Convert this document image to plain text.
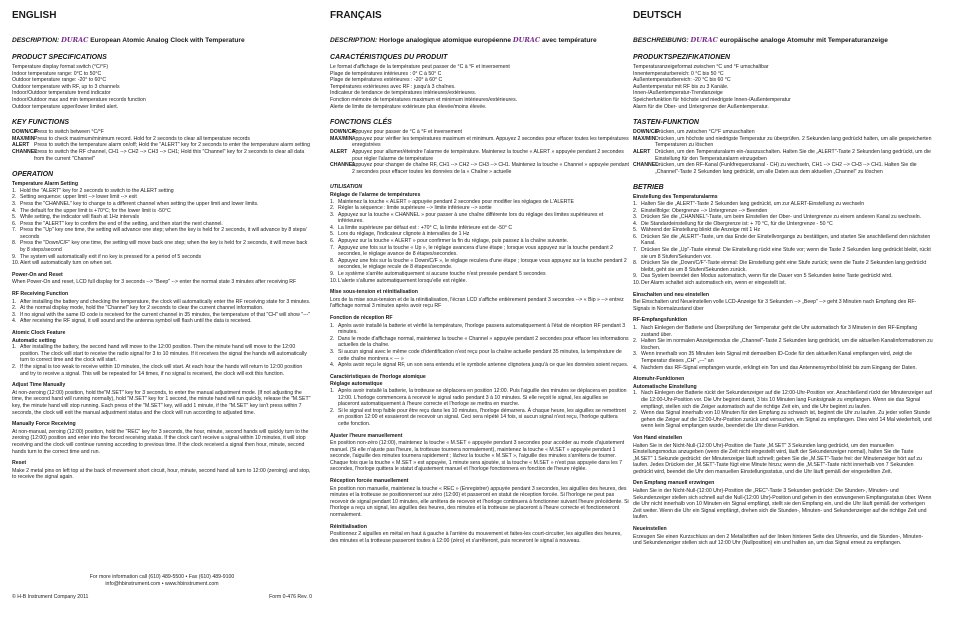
ENGLISH
DESCRIPTION: DURAC European Atomic Analog Clock with Temperature
PRODUCT SPECIFICATIONS
Temperature display format switch (°C/°F)
Indoor temperature range: 0°C to 50°C
Outdoor temperature range: -20° to 60°C
Outdoor temperature with RF, up to 3 channels
Indoor/Outdoor temperature trend indicator
Indoor/Outdoor max and min temperature records function
Outdoor temperature upper/lower limited alert.
KEY FUNCTIONS
DOWN/C/F
Press to switch between °C/°F
MAX/MIN Press to check maximum/minimum record. Hold for 2 seconds to clear all temperature records
ALERT Press to switch the temperature alarm on/off; Hold the "ALERT" key for 2 seconds to enter the temperature alarm setting
CHANNEL
Press to switch the RF channel, CH1 --> CH2 --> CH3 --> CH1; Hold this "Channel" key for 2 seconds to clear all data from the current "Channel"
OPERATION
Temperature Alarm Setting
1. Hold the "ALERT" key for 2 seconds to switch to the ALERT setting
2. Setting sequence: upper limit --> lower limit --> exit
3. Press the "CHANNEL" key to change to a different channel when setting the upper limit and lower limits.
4. The default for the upper limit is +70°C; for the lower limit is -50°C
5. While setting, the indicator will flash at 1Hz intervals
6. Press the "ALERT" key to confirm the end of the setting, and then start the next channel.
7. Press the "Up" key one time, the setting will advance one step; when the key is held for 2 seconds, it will advance by 8 steps/ seconds
8. Press the "Down/C/F" key one time, the setting will move back one step; when the key is held for 2 seconds, it will move back by 8 steps/second
9. The system will automatically exit if no key is pressed for a period of 5 seconds
10. Alert will automatically turn on when set.
Power-On and Reset

When Power-On and reset, LCD full display for 3 seconds --> "Beep" --> enter the normal state 3 minutes after receiving RF

RF Receiving Function
1. After installing the battery and checking the temperature, the clock will automatically enter the RF receiving state for 3 minutes.
2. At the normal display mode, hold the "Channel" key for 2 seconds to clear the current channel information.
3. If no signal with the same ID code is received for the current channel in 35 minutes, the temperature of that "CH" will show "---"
4. After receiving the RF signal, it will sound and the antenna symbol will flash until the data is received.
Atomic Clock Feature
Automatic setting
1. After installing the battery, the second hand will move to the 12:00 position. Then the minute hand will move to the 12:00 position. The clock will start to receive the radio signal for 3 to 10 minutes. If it receives the signal the hands will automatically turn to correct time and the clock will start.
2. If the signal is too weak to receive within 10 minutes, the clock will start. At each hour the hands will return to 12:00 position and try to receive a signal. This will be repeated for 14 times, if no signal is received, the clock will exit this function.
Adjust Time Manually

At non-zeroing (12:00) position, hold the"M.SET" key for 3 seconds, to enter the manual adjustment mode. (If not adjusting the time, the second hand will running normally), hold "M.SET" key for 1 second, the minute hand will run quickly, release the "M.SET" key, the minute hand will stop running. Each press of the "M.SET" key, will add 1 minute, if the "M.SET" key isn't press within 7 seconds, the clock will exit the manual adjustment status and the clock will run according to adjusted time.

Manually Force Receiving

At non-manual, zeroing (12:00) position, hold the "REC" key for 3 seconds, the hour, minute, second hands will quickly turn to the zeroing (12:00) position and enter into the forced receiving status. If the clock can't receive a signal within 10 minutes, it will stop receiving and the clock will continue running according to previous time. If the clock received a signal then hour, minute, second hands turn to the correct time and run.

Reset

Make 2 metal pins on left top at the back of movement short circuit, hour, minute, second hand all turn to 12:00 (zeroing) and stop, to receive the signal again.

FRANÇAIS
DESCRIPTION: Horloge analogique atomique européenne DURAC avec température
CARACTÉRISTIQUES DU PRODUIT
Le format d'affichage de la température peut passer de °C à °F et inversement
Plage de températures intérieures : 0° C à 50° C
Plage de températures extérieures : -20° à 60° C
Températures extérieures avec RF : jusqu'à 3 chaînes.
Indicateur de tendance de températures intérieures/extérieures.
Fonction mémoire de températures maximum et minimum intérieures/extérieures.
Alerte de limite de température extérieure plus élevée/moins élevée.
FONCTIONS CLÉS
DOWN/C/F
Appuyez pour passer de °C à °F et inversement
MAX/MIN Appuyez pour vérifier les températures maximum et minimum. Appuyez 2 secondes pour effacer toutes les températures enregistrées
ALERT Appuyez pour allumer/éteindre l'alarme de température. Maintenez la touche « ALERT » appuyée pendant 2 secondes pour régler l'alarme de température
CHANNEL
Appuyez pour changer de chaîne RF, CH1 --> CH2 --> CH3 --> CH1. Maintenez la touche « Channel » appuyée pendant 2 secondes pour effacer toutes les données de la « Chaîne » actuelle
UTILISATION
Réglage de l'alarme de températures
1. Maintenez la touche « ALERT » appuyée pendant 2 secondes pour modifier les réglages de L'ALERTE
2. Régler la séquence : limite supérieure --> limite inférieure --> sortie
3. Appuyez sur la touche « CHANNEL » pour passer à une chaîne différente lors du réglage des limites supérieures et inférieures.
4. La limite supérieure par défaut est : +70° C, la limite inférieure est de -50° C
5. Lors du réglage, l'indicateur clignote à intervalles de 1 Hz
6. Appuyez sur la touche « ALERT » pour confirmer la fin du réglage, puis passez à la chaîne suivante.
7. Appuyez une fois sur la touche « Up », le réglage avancera d'une étape ; lorsque vous appuyez sur la touche pendant 2 secondes, le réglage avance de 8 étapes/secondes.
8. Appuyez une fois sur la touche « Down/C/F », le réglage reculera d'une étape ; lorsque vous appuyez sur la touche pendant 2 secondes, le réglage recule de 8 étapes/seconde.
9. Le système s'arrête automatiquement si aucune touche n'est pressée pendant 5 secondes
10. L'alerte s'allume automatiquement lorsqu'elle est réglée.
Mise sous-tension et réinitialisation

Lors de la mise sous-tension et de la réinitialisation, l'écran LCD s'affiche entièrement pendant 3 secondes --> « Bip » --> entrez l'affichage normal 3 minutes après avoir reçu RF

Fonction de réception RF
1. Après avoir installé la batterie et vérifié la température, l'horloge passera automatiquement à l'état de réception RF pendant 3 minutes.
2. Dans le mode d'affichage normal, maintenez la touche « Channel » appuyée pendant 2 secondes pour effacer les informations actuelles de la chaîne.
3. Si aucun signal avec le même code d'identification n'est reçu pour la chaîne actuelle pendant 35 minutes, la température de cette chaîne montrera « --- »
4. Après avoir reçu le signal RF, un son sera entendu et le symbole antenne clignotera jusqu'à ce que les données soient reçues.
Caractéristiques de l'horloge atomique
Réglage automatique
1. Après avoir installé la batterie, la trotteuse se déplacera en position 12:00. Puis l'aiguille des minutes se déplacera en position 12:00. L'horloge commencera à recevoir le signal radio pendant 3 à 10 minutes. Si elle reçoit le signal, les aiguilles se placeront automatiquement à l'heure correcte et l'horloge se mettra en marche.
2. Si le signal est trop faible pour être reçu dans les 10 minutes, l'horloge démarrera. À chaque heure, les aiguilles se remettront en position 12:00 et essaieront de recevoir un signal. Ceci sera répété 14 fois, si aucun signal n'est reçu, l'horloge quittera cette fonction.
Ajuster l'heure manuellement

En position non-zéro (12:00), maintenez la touche « M.SET » appuyée pendant 3 secondes pour accéder au mode d'ajustement manuel. (Si elle n'ajuste pas l'heure, la trotteuse tournera normalement), maintenez la touche « M.SET » appuyée pendant 1 seconde, l'aiguille des minutes tournera rapidement ; lâchez la touche « M.SET », l'aiguille des minutes s'arrêtera de tourner. Chaque fois que la touche « M.SET » est appuyée, 1 minute sera ajoutée, si la touche « M.SET » n'est pas appuyée dans les 7 secondes, l'horloge quittera le statut d'ajustement manuel et l'horloge fonctionnera en fonction de l'heure réglée.

Réception forcée manuellement

En position non manuelle, maintenez la touche « REC » (Enregistrer) appuyée pendant 3 secondes, les aiguilles des heures, des minutes et la trotteuse se positionneront sur zéro (12:00) et passeront en statut de réception forcée. Si l'horloge ne peut pas recevoir de signal pendant 10 minutes, elle arrêtera de recevoir et l'horloge continuera à fonctionner suivant l'heure précédente. Si l'horloge a reçu un signal, les aiguilles des heures, des minutes et la trotteuse se placeront à l'heure correcte et fonctionneront normalement.

Réinitialisation

Positionnez 2 aiguilles en métal en haut à gauche à l'arrière du mouvement et faites-les court-circuiter, les aiguilles des heures, des minutes et la trotteuse passeront toutes à 12:00 (zéro) et s'arrêteront, puis recevront le signal à nouveau.

DEUTSCH
BESCHREIBUNG: DURAC europäische analoge Atomuhr mit Temperaturanzeige
PRODUKTSPEZIFIKATIONEN
Temperaturanzeigeformat zwischen °C und °F umschaltbar
Innentemperaturbereich: 0 °C bis 50 °C
Außentemperaturbereich: -20 °C bis 60 °C
Außentemperatur mit RF bis zu 3 Kanäle.
Innen-/Außentemperatur-Trendanzeige
Speicherfunktion für höchste und niedrigste Innen-/Außentemperatur
Alarm für die Ober- und Untergrenze der Außentemperatur.
TASTEN-FUNKTION
DOWN/C/F
Drücken, um zwischen °C/°F umzuschalten
MAX/MIN Drücken, um höchste und niedrigste Temperatur zu überprüfen. 2 Sekunden lang gedrückt halten, um alle gespeicherten Temperaturen zu löschen
ALERT Drücken, um den Temperaturalarm ein-/auszuschalten. Halten Sie die „ALERT"-Taste 2 Sekunden lang gedrückt, um die Einstellung für den Temperaturalarm einzugeben
CHANNEL
Drücken, um den RF-Kanal (Funkfrequenzkanal - CH) zu wechseln, CH1 --> CH2 --> CH3 --> CH1. Halten Sie die „Channel"-Taste 2 Sekunden lang gedrückt, um alle Daten aus dem aktuellen „Channel" zu löschen
BETRIEB
Einstellung des Temperaturalarms
1. Halten Sie die „ALERT"-Taste 2 Sekunden lang gedrückt, um zur ALERT-Einstellung zu wechseln
2. Einstellfolge: Obergrenze --> Untergrenze --> Beenden
3. Drücken Sie die „CHANNEL"-Taste, um beim Einstellen der Ober- und Untergrenze zu einem anderen Kanal zu wechseln.
4. Die Standardeinstellung für die Obergrenze ist: + 70 °C, für die Untergrenze - 50 °C
5. Während der Einstellung blinkt die Anzeige mit 1 Hz
6. Drücken Sie die „ALERT"-Taste, um das Ende der Einstellvorgangs zu bestätigen, und starten Sie anschließend den nächsten Kanal.
7. Drücken Sie die „Up"-Taste einmal: Die Einstellung rückt eine Stufe vor; wenn die Taste 2 Sekunden lang gedrückt bleibt, rückt sie um 8 Stufen/Sekunden vor.
8. Drücken Sie die „Down/C/F"-Taste einmal: Die Einstellung geht eine Stufe zurück; wenn die Taste 2 Sekunden lang gedrückt bleibt, geht sie um 8 Stufen/Sekunden zurück.
9. Das System beendet den Modus automatisch, wenn für die Dauer von 5 Sekunden keine Taste gedrückt wird.
10. Der Alarm schaltet sich automatisch ein, wenn er eingestellt ist.
Einschalten und neu einstellen

Bei Einschalten und Neueinstellen volle LCD-Anzeige für 3 Sekunden --> „Beep" --> geht 3 Minuten nach Empfang des RF-Signals in Normalzustand über

RF-Empfangsfunktion
1. Nach Einlegen der Batterie und Überprüfung der Temperatur geht die Uhr automatisch für 3 Minuten in den RF-Empfang zustand über.
2. Halten Sie im normalen Anzeigemodus die „Channel"-Taste 2 Sekunden lang gedrückt, um die aktuellen Kanalinformationen zu löschen.
3. Wenn innerhalb von 35 Minuten kein Signal mit demselben ID-Code für den aktuellen Kanal empfangen wird, zeigt die Temperatur dieses „CH" „---" an
4. Nachdem das RF-Signal empfangen wurde, erklingt ein Ton und das Antennensymbol blinkt bis zum Eingang der Daten.
Atomuhr-Funktionen
Automatische Einstellung
1. Nach Einlegen der Batterie rückt der Sekundenzeiger auf die 12:00-Uhr-Position vor. Anschließend rückt der Minutenzeiger auf die 12:00-Uhr-Position vor. Die Uhr beginnt damit, 3 bis 10 Minuten lang Funksignale zu empfangen. Wenn sie das Signal empfängt, stellen sich die Zeiger automatisch auf die richtige Zeit ein, und die Uhr beginnt zu laufen.
2. Wenn das Signal innerhalb von 10 Minuten für den Empfang zu schwach ist, beginnt die Uhr zu laufen. Zu jeder vollen Stunde gehen die Zeiger auf die 12:00-Uhr-Position zurück und versuchen, ein Signal zu empfangen. Dies wird 14 Mal wiederholt, und wenn kein Signal empfangen wurde, beendet die Uhr diese Funktion.
Von Hand einstellen

Halten Sie in der Nicht-Null-(12:00 Uhr)-Position die Taste „M.SET" 3 Sekunden lang gedrückt, um den manuellen Einstellungsmodus anzugeben (wenn die Zeit nicht eingestellt wird, läuft der Sekundenzeiger normal), halten Sie die Taste „M.SET" 1 Sekunde gedrückt: der Minutenzeiger läuft schnell; geben Sie die „M.SET"-Taste frei: der Minutenzeiger hört auf zu laufen. Jedes Drücken der „M.SET"-Taste fügt eine Minute hinzu; wenn die „M.SET"-Taste nicht innerhalb von 7 Sekunden gedrückt wird, beendet die Uhr den manuellen Einstellungsstatus, und die Uhr läuft gemäß der eingestellten Zeit.

Den Empfang manuell erzwingen

Halten Sie in der Nicht-Null-(12:00 Uhr)-Position die „REC"-Taste 3 Sekunden gedrückt: Die Stunden-, Minuten- und Sekundenzeiger stellen sich schnell auf die Null-(12:00 Uhr)-Position und gehen in den erzwungenen Empfangsstatus über. Wenn die Uhr nicht innerhalb von 10 Minuten ein Signal empfängt, stellt sie den Empfang ein, und die Uhr läuft gemäß der vorherigen Zeit weiter. Wenn die Uhr ein Signal empfängt, drehen sich die Stunden-, Minuten- und Sekundenzeiger auf die richtige Zeit und laufen.

Neueinstellen

Erzeugen Sie einen Kurzschluss an den 2 Metallstiften auf der linken hinteren Seite des Uhrwerks, und die Stunden-, Minuten- und Sekundenzeiger stellen sich auf 12:00 Uhr (Nullposition) ein und halten an, um das Signal erneut zu empfangen.

For more information call (610) 489-5500 • Fax (610) 489-9100
info@hbinstrument.com • www.hbinstrument.com
© H-B Instrument Company 2011	Form 0-476 Rev. 0
